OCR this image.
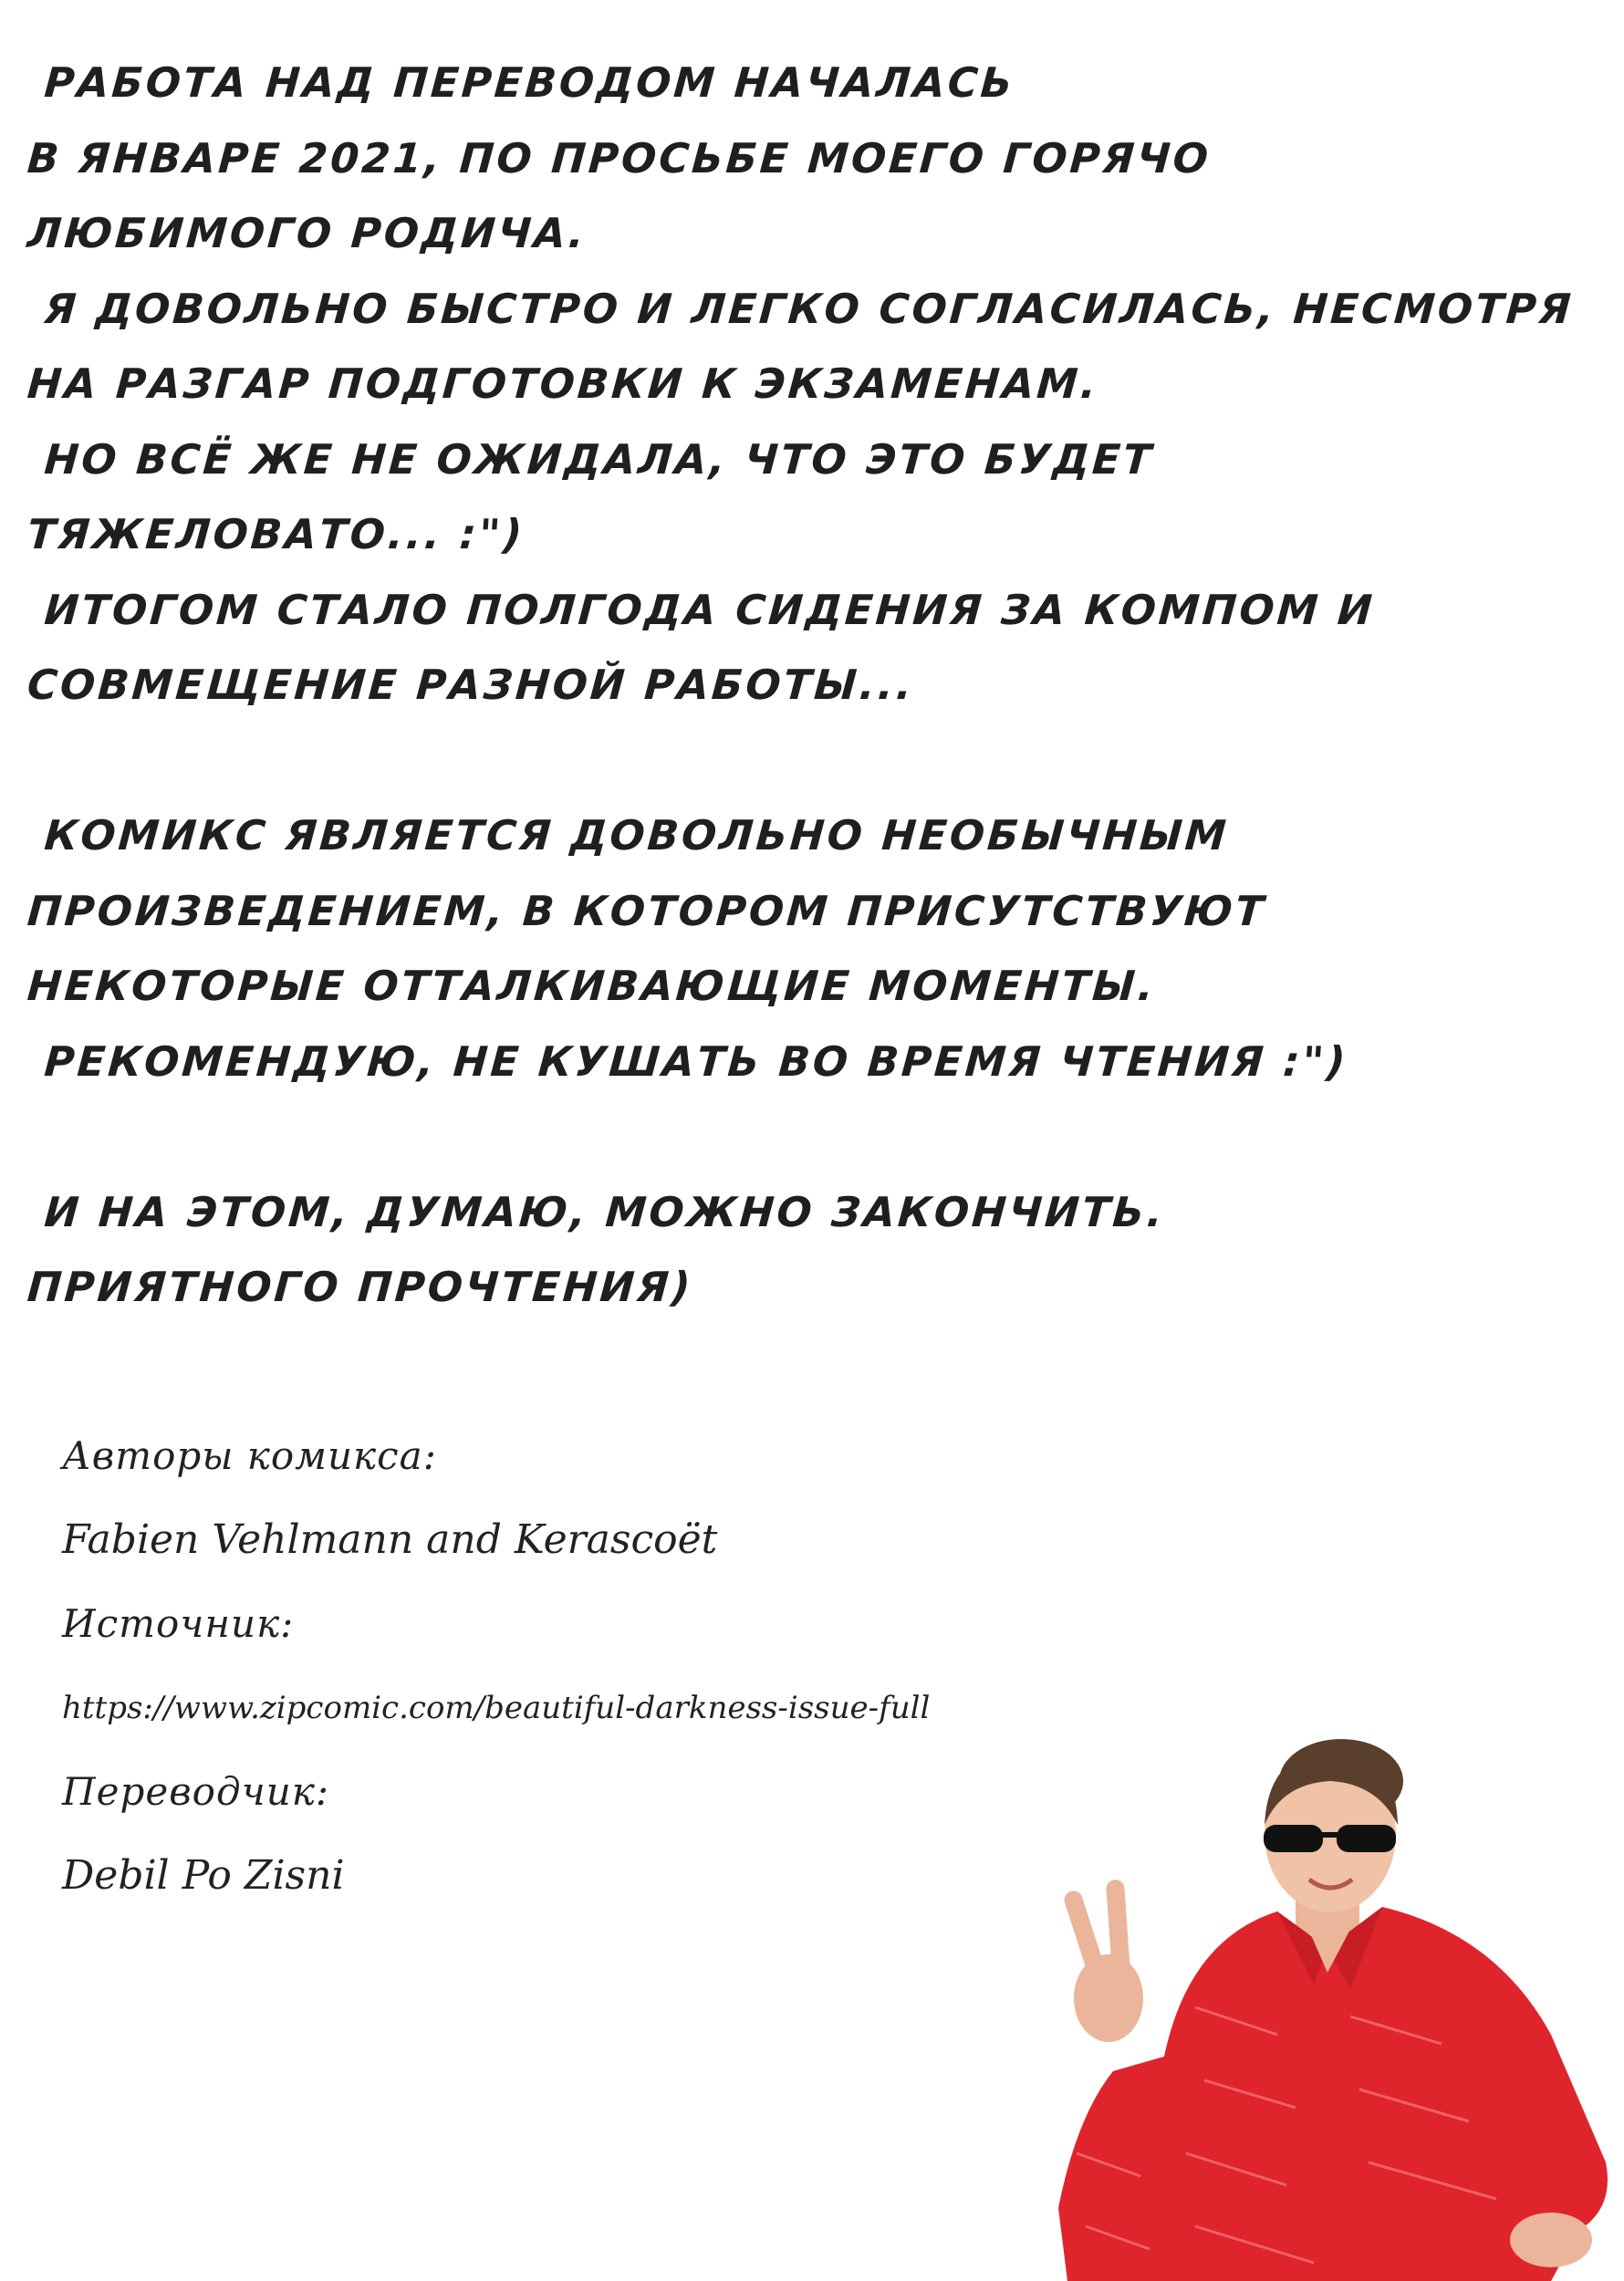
РАБОТА НАД ПЕРЕВОДОМ НАЧАЛАСЬ
В ЯНВАРЕ 2021, ПО ПРОСЬБЕ МОЕГО ГОРЯЧО
ЛЮБИМОГО РОДИЧА.
Я ДОВОЛЬНО БЫСТРО И ЛЕГКО СОГЛАСИЛАСЬ, НЕСМОТРЯ
НА РАЗГАР ПОДГОТОВКИ К ЭКЗАМЕНАМ.
НО ВСЁ ЖЕ НЕ ОЖИДАЛА, ЧТО ЭТО БУДЕТ
ТЯЖЕЛОВАТО... :")
ИТОГОМ СТАЛО ПОЛГОДА СИДЕНИЯ ЗА КОМПОМ И
СОВМЕЩЕНИЕ РАЗНОЙ РАБОТЫ...
КОМИКС ЯВЛЯЕТСЯ ДОВОЛЬНО НЕОБЫЧНЫМ
ПРОИЗВЕДЕНИЕМ, В КОТОРОМ ПРИСУТСТВУЮТ
НЕКОТОРЫЕ ОТТАЛКИВАЮЩИЕ МОМЕНТЫ.
РЕКОМЕНДУЮ, НЕ КУШАТЬ ВО ВРЕМЯ ЧТЕНИЯ :")
И НА ЭТОМ, ДУМАЮ, МОЖНО ЗАКОНЧИТЬ.
ПРИЯТНОГО ПРОЧТЕНИЯ)
Авторы комикса:
Fabien Vehlmann and Kerascoët
Источник:
https://www.zipcomic.com/beautiful-darkness-issue-full
Переводчик:
Debil Po Zisni
